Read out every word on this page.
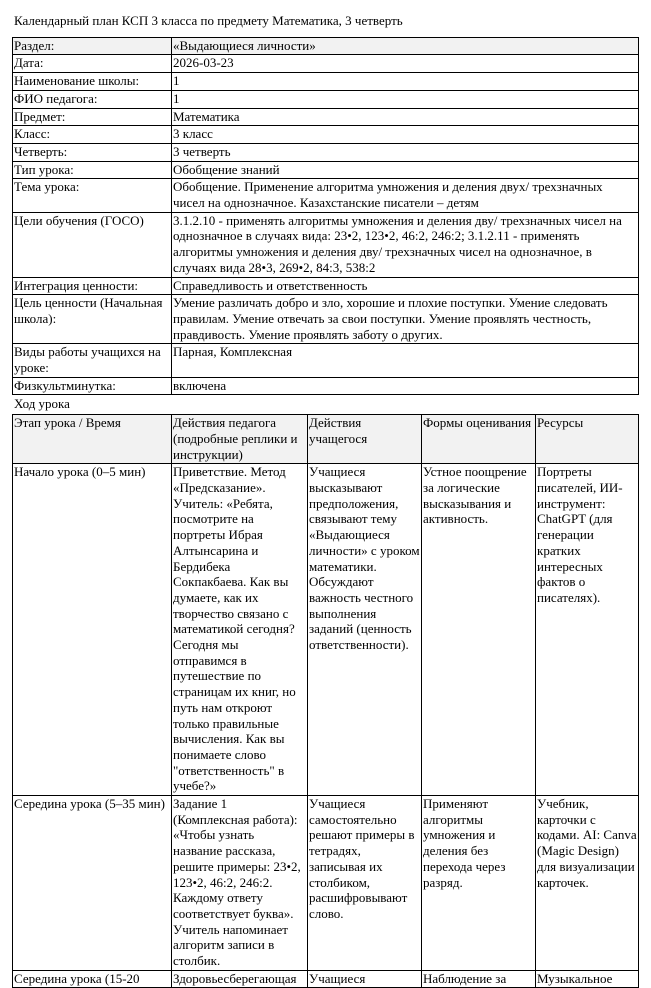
Календарный план КСП 3 класса по предмету Математика, 3 четверть
Раздел:	«Выдающиеся личности»
Дата:	2026-03-23
Наименование школы:	1
ФИО педагога:	1
Предмет:	Математика
Класс:	3 класс
Четверть:	3 четверть
Тип урока:	Обобщение знаний
Тема урока:	Обобщение. Применение алгоритма умножения и деления двух/ трехзначных чисел на однозначное. Казахстанские писатели – детям
Цели обучения (ГОСО)	3.1.2.10 - применять алгоритмы умножения и деления дву/ трехзначных чисел на однозначное в случаях вида: 23•2, 123•2, 46:2, 246:2; 3.1.2.11 - применять алгоритмы умножения и деления дву/ трехзначных чисел на однозначное, в случаях вида 28•3, 269•2, 84:3, 538:2
Интеграция ценности:	Справедливость и ответственность
Цель ценности (Начальная школа):	Умение различать добро и зло, хорошие и плохие поступки. Умение следовать правилам. Умение отвечать за свои поступки. Умение проявлять честность, правдивость. Умение проявлять заботу о других.
Виды работы учащихся на уроке:	Парная, Комплексная
Физкультминутка:	включена
Ход урока
Этап урока / Время	Действия педагога (подробные реплики и инструкции)	Действия учащегося	Формы оценивания	Ресурсы
Начало урока (0–5 мин)	Приветствие. Метод «Предсказание». Учитель: «Ребята, посмотрите на портреты Ибрая Алтынсарина и Бердибека Сокпакбаева. Как вы думаете, как их творчество связано с математикой сегодня? Сегодня мы отправимся в путешествие по страницам их книг, но путь нам откроют только правильные вычисления. Как вы понимаете слово "ответственность" в учебе?»	Учащиеся высказывают предположения, связывают тему «Выдающиеся личности» с уроком математики. Обсуждают важность честного выполнения заданий (ценность ответственности).	Устное поощрение за логические высказывания и активность.	Портреты писателей, ИИ-инструмент: ChatGPT (для генерации кратких интересных фактов о писателях).
Середина урока (5–35 мин)	Задание 1 (Комплексная работа): «Чтобы узнать название рассказа, решите примеры: 23•2, 123•2, 46:2, 246:2. Каждому ответу соответствует буква». Учитель напоминает алгоритм записи в столбик.	Учащиеся самостоятельно решают примеры в тетрадях, записывая их столбиком, расшифровывают слово.	Применяют алгоритмы умножения и деления без перехода через разряд.	Учебник, карточки с кодами. AI: Canva (Magic Design) для визуализации карточек.
Середина урока (15-20	Здоровьесберегающая	Учащиеся	Наблюдение за	Музыкальное
